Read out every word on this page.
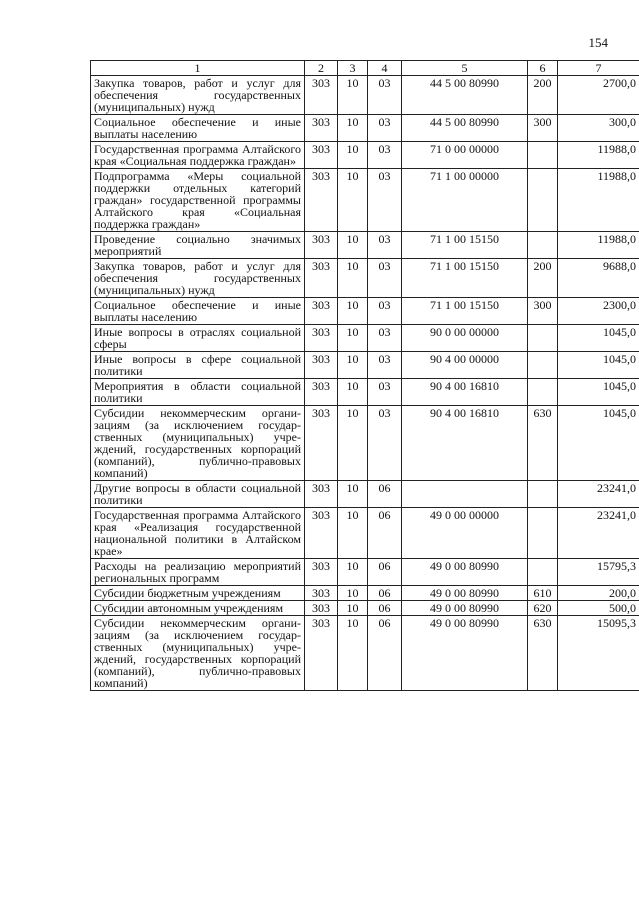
154
1	2	3	4	5	6	7
Закупка товаров, работ и услуг для обеспечения государственных (муниципальных) нужд	303	10	03	44 5 00 80990	200	2700,0
Социальное обеспечение и иные выплаты населению	303	10	03	44 5 00 80990	300	300,0
Государственная программа Алтайского края «Социальная поддержка граждан»	303	10	03	71 0 00 00000		11988,0
Подпрограмма «Меры социальной поддержки отдельных категорий граждан» государственной программы Алтайского края «Социальная поддержка граждан»	303	10	03	71 1 00 00000		11988,0
Проведение социально значимых мероприятий	303	10	03	71 1 00 15150		11988,0
Закупка товаров, работ и услуг для обеспечения государственных (муниципальных) нужд	303	10	03	71 1 00 15150	200	9688,0
Социальное обеспечение и иные выплаты населению	303	10	03	71 1 00 15150	300	2300,0
Иные вопросы в отраслях социальной сферы	303	10	03	90 0 00 00000		1045,0
Иные вопросы в сфере социальной политики	303	10	03	90 4 00 00000		1045,0
Мероприятия в области социальной политики	303	10	03	90 4 00 16810		1045,0
Субсидии некоммерческим организациям (за исключением государственных (муниципальных) учреждений, государственных корпораций (компаний), публично-правовых компаний)	303	10	03	90 4 00 16810	630	1045,0
Другие вопросы в области социальной политики	303	10	06			23241,0
Государственная программа Алтайского края «Реализация государственной национальной политики в Алтайском крае»	303	10	06	49 0 00 00000		23241,0
Расходы на реализацию мероприятий региональных программ	303	10	06	49 0 00 80990		15795,3
Субсидии бюджетным учреждениям	303	10	06	49 0 00 80990	610	200,0
Субсидии автономным учреждениям	303	10	06	49 0 00 80990	620	500,0
Субсидии некоммерческим организациям (за исключением государственных (муниципальных) учреждений, государственных корпораций (компаний), публично-правовых компаний)	303	10	06	49 0 00 80990	630	15095,3
